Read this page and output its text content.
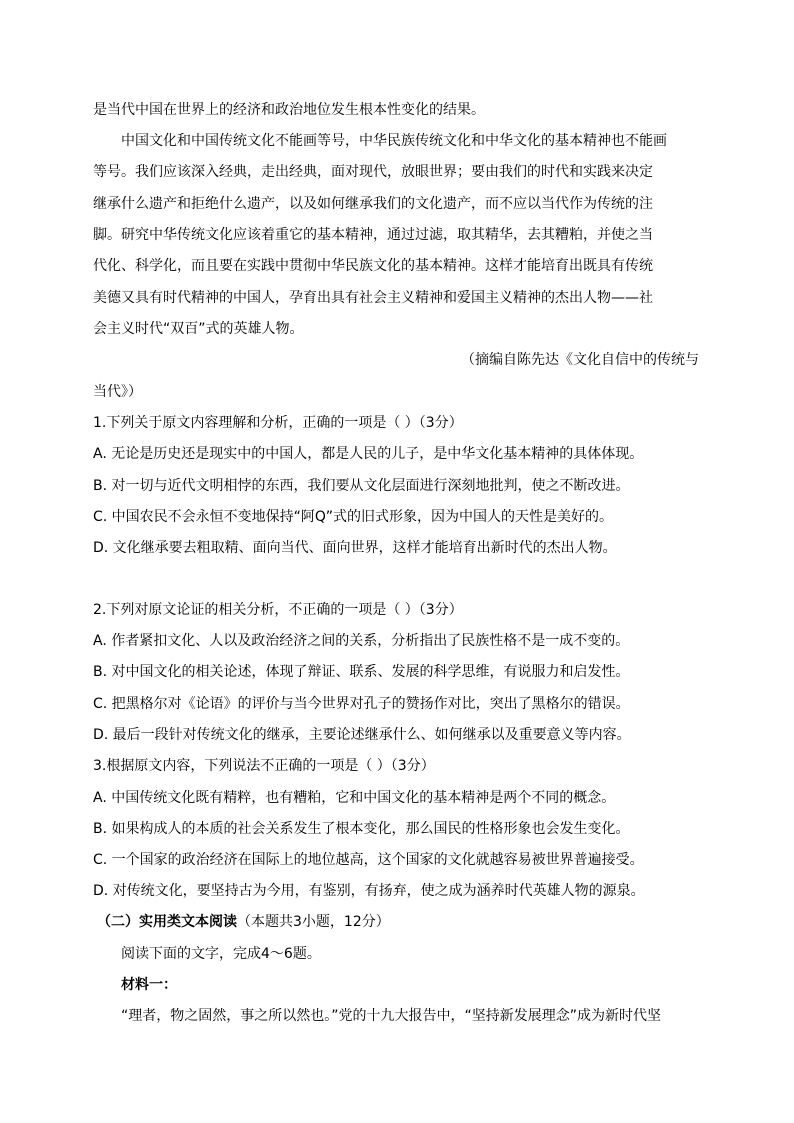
是当代中国在世界上的经济和政治地位发生根本性变化的结果。
中国文化和中国传统文化不能画等号，中华民族传统文化和中华文化的基本精神也不能画
等号。我们应该深入经典，走出经典，面对现代，放眼世界；要由我们的时代和实践来决定
继承什么遗产和拒绝什么遗产，以及如何继承我们的文化遗产，而不应以当代作为传统的注
脚。研究中华传统文化应该着重它的基本精神，通过过滤，取其精华，去其糟粕，并使之当
代化、科学化，而且要在实践中贯彻中华民族文化的基本精神。这样才能培育出既具有传统
美德又具有时代精神的中国人，孕育出具有社会主义精神和爱国主义精神的杰出人物——社
会主义时代“双百”式的英雄人物。
（摘编自陈先达《文化自信中的传统与
当代》）
1.下列关于原文内容理解和分析，正确的一项是（ ）（3分）
A. 无论是历史还是现实中的中国人，都是人民的儿子，是中华文化基本精神的具体体现。
B. 对一切与近代文明相悖的东西，我们要从文化层面进行深刻地批判，使之不断改进。
C. 中国农民不会永恒不变地保持“阿Q”式的旧式形象，因为中国人的天性是美好的。
D. 文化继承要去粗取精、面向当代、面向世界，这样才能培育出新时代的杰出人物。
2.下列对原文论证的相关分析，不正确的一项是（ ）（3分）
A. 作者紧扣文化、人以及政治经济之间的关系，分析指出了民族性格不是一成不变的。
B. 对中国文化的相关论述，体现了辩证、联系、发展的科学思维，有说服力和启发性。
C. 把黑格尔对《论语》的评价与当今世界对孔子的赞扬作对比，突出了黑格尔的错误。
D. 最后一段针对传统文化的继承，主要论述继承什么、如何继承以及重要意义等内容。
3.根据原文内容，下列说法不正确的一项是（ ）（3分）
A. 中国传统文化既有精粹，也有糟粕，它和中国文化的基本精神是两个不同的概念。
B. 如果构成人的本质的社会关系发生了根本变化，那么国民的性格形象也会发生变化。
C. 一个国家的政治经济在国际上的地位越高，这个国家的文化就越容易被世界普遍接受。
D. 对传统文化，要坚持古为今用，有鉴别，有扬弃，使之成为涵养时代英雄人物的源泉。
（二）实用类文本阅读（本题共3小题，12分）
阅读下面的文字，完成4～6题。
材料一：
“理者，物之固然，事之所以然也。”党的十九大报告中，“坚持新发展理念”成为新时代坚
